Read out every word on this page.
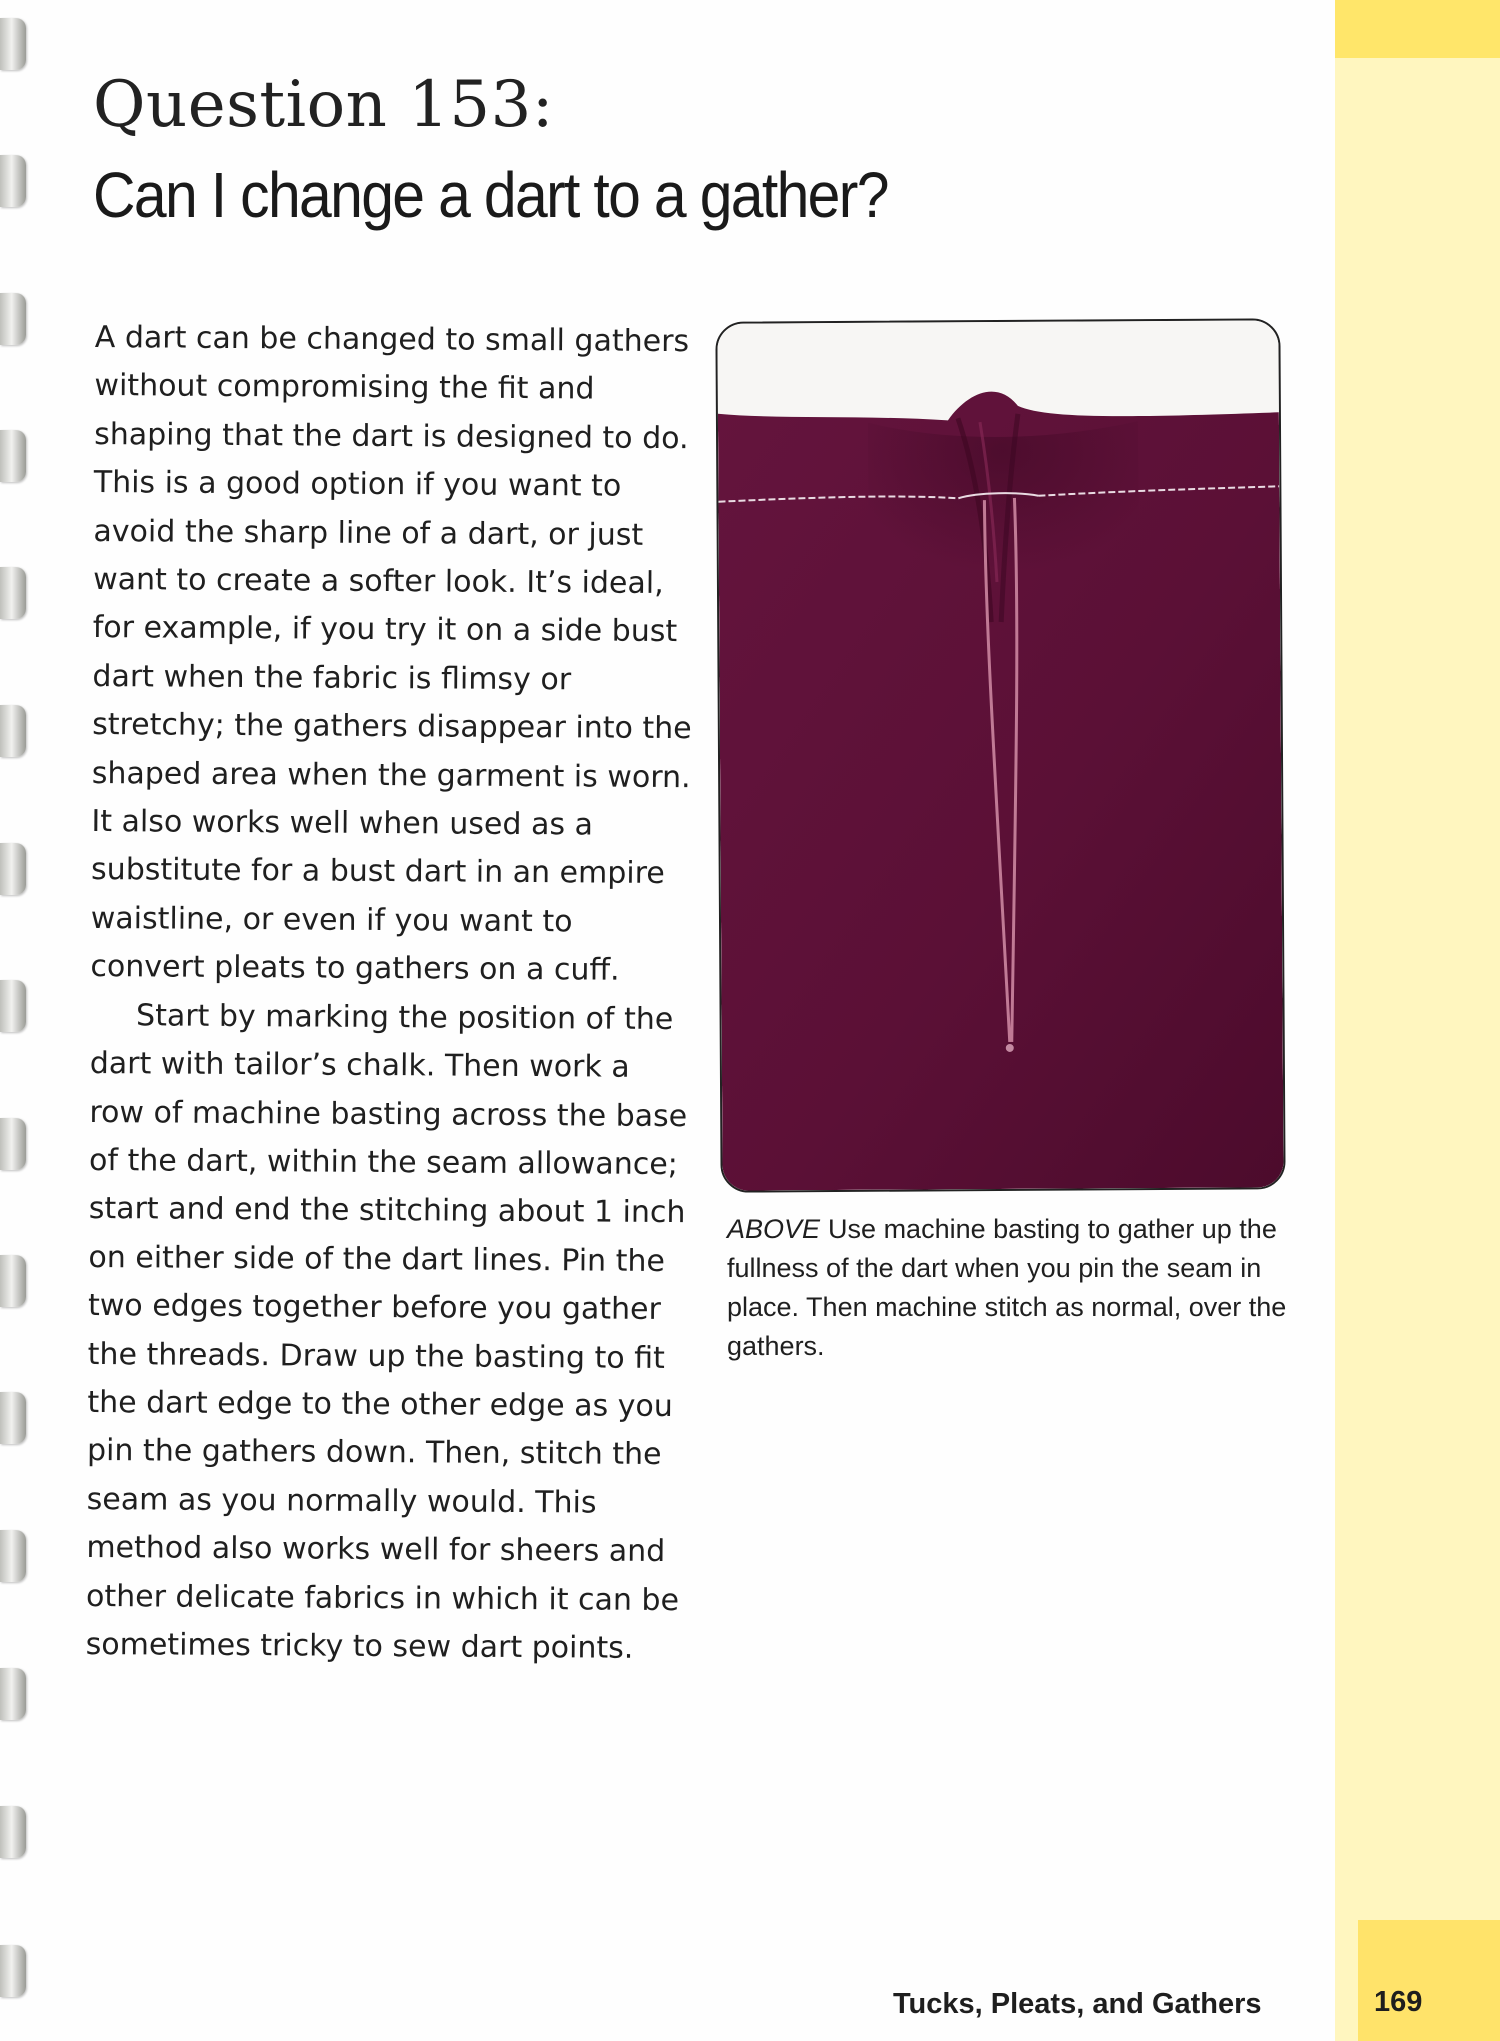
Question 153:
Can I change a dart to a gather?

A dart can be changed to small gathers without compromising the fit and shaping that the dart is designed to do. This is a good option if you want to avoid the sharp line of a dart, or just want to create a softer look. It’s ideal, for example, if you try it on a side bust dart when the fabric is flimsy or stretchy; the gathers disappear into the shaped area when the garment is worn. It also works well when used as a substitute for a bust dart in an empire waistline, or even if you want to convert pleats to gathers on a cuff.

Start by marking the position of the dart with tailor’s chalk. Then work a row of machine basting across the base of the dart, within the seam allowance; start and end the stitching about 1 inch on either side of the dart lines. Pin the two edges together before you gather the threads. Draw up the basting to fit the dart edge to the other edge as you pin the gathers down. Then, stitch the seam as you normally would. This method also works well for sheers and other delicate fabrics in which it can be sometimes tricky to sew dart points.

ABOVE Use machine basting to gather up the fullness of the dart when you pin the seam in place. Then machine stitch as normal, over the gathers.
Tucks, Pleats, and Gathers	169
